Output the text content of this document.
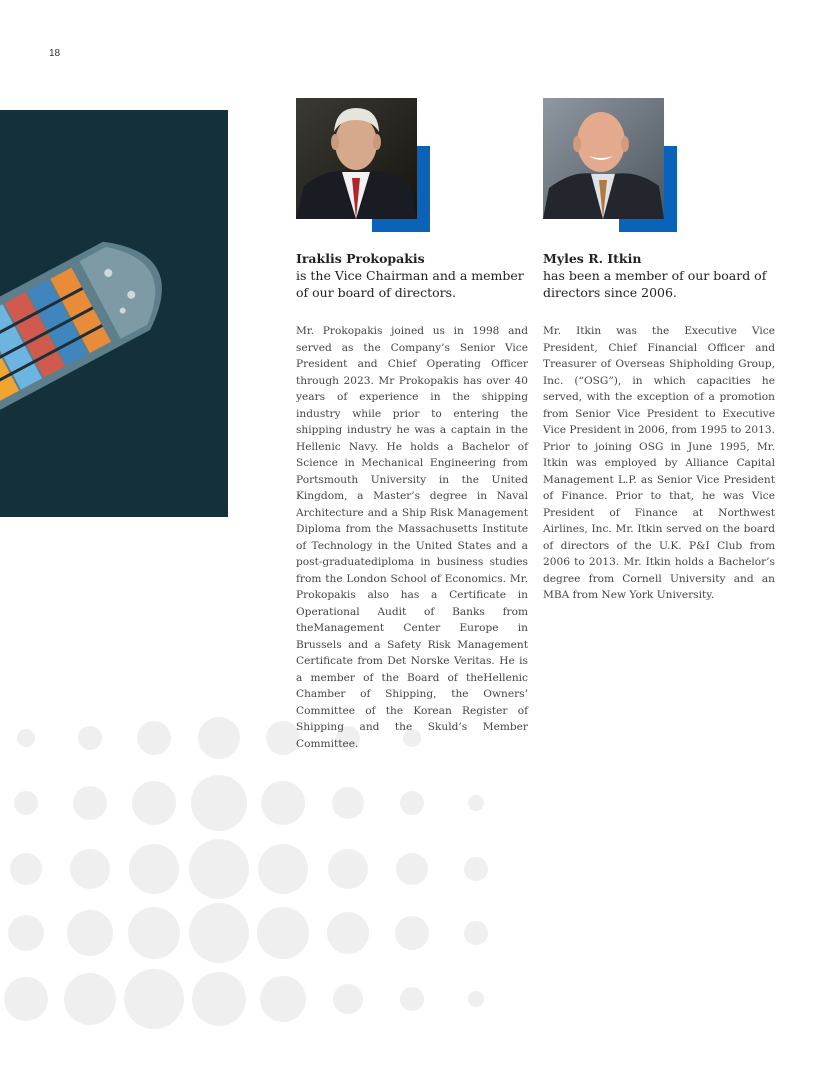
18

Iraklis Prokopakis

is the Vice Chairman and a member of our board of directors.

Mr. Prokopakis joined us in 1998 and served as the Company’s Senior Vice President and Chief Operating Officer through 2023. Mr Prokopakis has over 40 years of experience in the shipping industry while prior to entering the shipping industry he was a captain in the Hellenic Navy. He holds a Bachelor of Science in Mechanical Engineering from Portsmouth University in the United Kingdom, a Master’s degree in Naval Architecture and a Ship Risk Management Diploma from the Massachusetts Institute of Technology in the United States and a post-graduatediploma in business studies from the London School of Economics. Mr. Prokopakis also has a Certificate in Operational Audit of Banks from theManagement Center Europe in Brussels and a Safety Risk Management Certificate from Det Norske Veritas. He is a member of the Board of theHellenic Chamber of Shipping, the Owners’ Committee of the Korean Register of Shipping and the Skuld’s Member Committee.

Myles R. Itkin

has been a member of our board of directors since 2006.

Mr. Itkin was the Executive Vice President, Chief Financial Officer and Treasurer of Overseas Shipholding Group, Inc. (“OSG”), in which capacities he served, with the exception of a promotion from Senior Vice President to Executive Vice President in 2006, from 1995 to 2013. Prior to joining OSG in June 1995, Mr. Itkin was employed by Alliance Capital Management L.P. as Senior Vice President of Finance. Prior to that, he was Vice President of Finance at Northwest Airlines, Inc. Mr. Itkin served on the board of directors of the U.K. P&I Club from 2006 to 2013. Mr. Itkin holds a Bachelor’s degree from Cornell University and an MBA from New York University.
